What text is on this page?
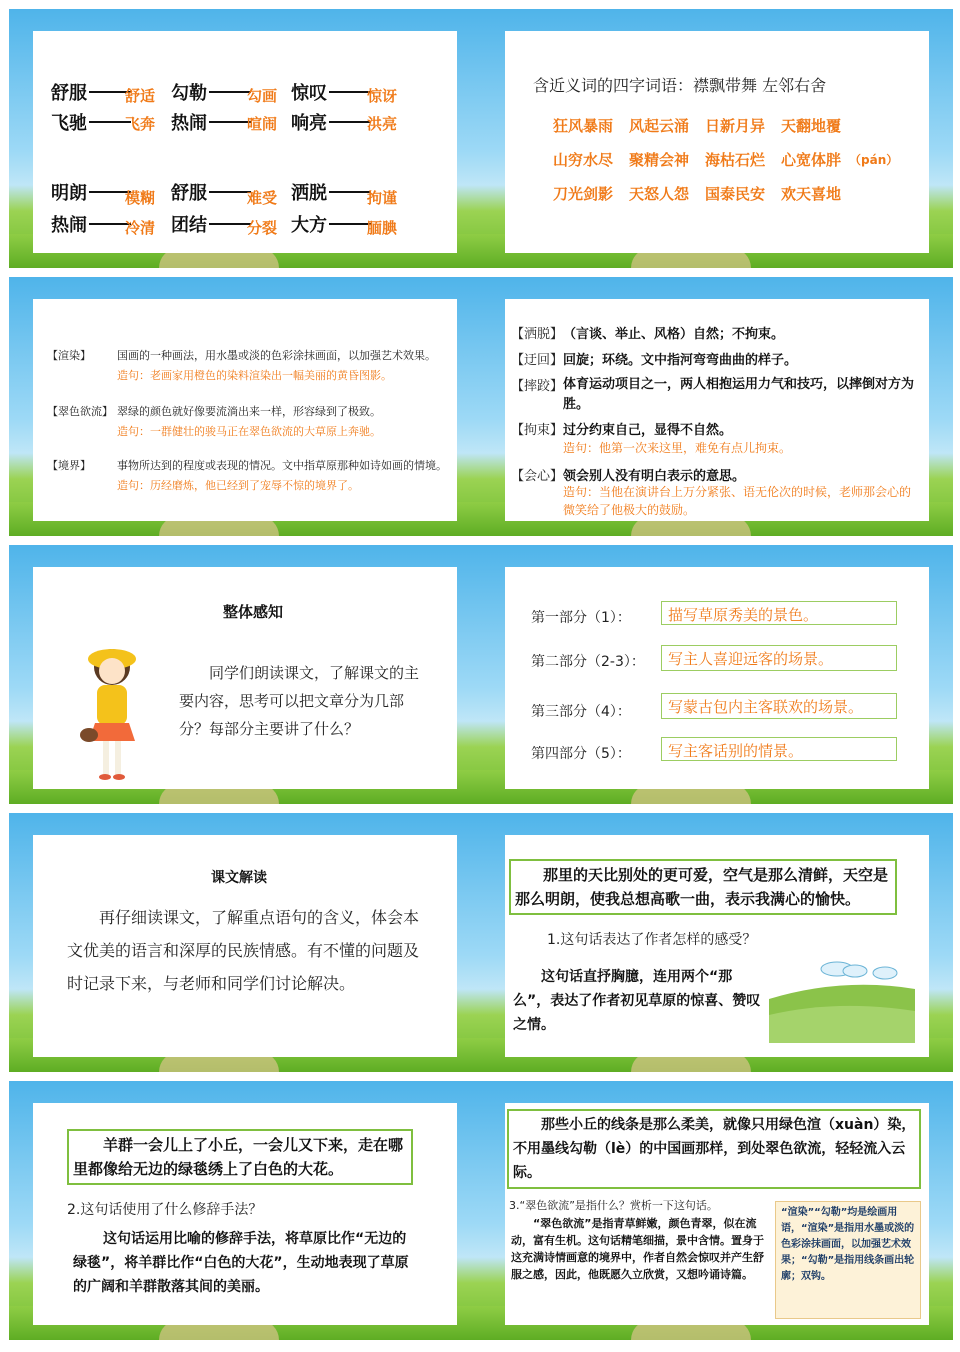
舒服	舒适 勾勒	勾画 惊叹	惊讶
飞驰	飞奔 热闹	喧闹 响亮	洪亮
明朗	模糊 舒服	难受 洒脱	拘谨
热闹	冷清 团结	分裂 大方	腼腆
含近义词的四字词语：襟飘带舞 左邻右舍
狂风暴雨 风起云涌 日新月异 天翻地覆
山穷水尽 聚精会神 海枯石烂 心宽体胖 （pán）
刀光剑影 天怒人怨 国泰民安 欢天喜地
【渲染】 国画的一种画法，用水墨或淡的色彩涂抹画面，以加强艺术效果。
造句：老画家用橙色的染料渲染出一幅美丽的黄昏图影。
【翠色欲流】 翠绿的颜色就好像要流淌出来一样，形容绿到了极致。
造句：一群健壮的骏马正在翠色欲流的大草原上奔驰。
【境界】 事物所达到的程度或表现的情况。文中指草原那种如诗如画的情境。
造句：历经磨炼，他已经到了宠辱不惊的境界了。
【洒脱】 （言谈、举止、风格）自然；不拘束。
【迂回】 回旋；环绕。文中指河弯弯曲曲的样子。
【摔跤】 体育运动项目之一，两人相抱运用力气和技巧，以摔倒对方为胜。
【拘束】 过分约束自己，显得不自然。
造句：他第一次来这里，难免有点儿拘束。
【会心】 领会别人没有明白表示的意思。
造句：当他在演讲台上万分紧张、语无伦次的时候，老师那会心的微笑给了他极大的鼓励。
整体感知
同学们朗读课文，了解课文的主要内容，思考可以把文章分为几部分？每部分主要讲了什么？
第一部分（1）：	描写草原秀美的景色。
第二部分（2-3）：	写主人喜迎远客的场景。
第三部分（4）：	写蒙古包内主客联欢的场景。
第四部分（5）：	写主客话别的情景。
课文解读
再仔细读课文，了解重点语句的含义，体会本文优美的语言和深厚的民族情感。有不懂的问题及时记录下来，与老师和同学们讨论解决。
那里的天比别处的更可爱，空气是那么清鲜，天空是那么明朗，使我总想高歌一曲，表示我满心的愉快。
1.这句话表达了作者怎样的感受？
这句话直抒胸臆，连用两个“那么”，表达了作者初见草原的惊喜、赞叹之情。
羊群一会儿上了小丘，一会儿又下来，走在哪里都像给无边的绿毯绣上了白色的大花。
2.这句话使用了什么修辞手法？
这句话运用比喻的修辞手法，将草原比作“无边的绿毯”，将羊群比作“白色的大花”，生动地表现了草原的广阔和羊群散落其间的美丽。
那些小丘的线条是那么柔美，就像只用绿色渲（xuàn）染，不用墨线勾勒（lè）的中国画那样，到处翠色欲流，轻轻流入云际。
3.“翠色欲流”是指什么？赏析一下这句话。
“翠色欲流”是指青草鲜嫩，颜色青翠，似在流动，富有生机。这句话精笔细描，景中含情。置身于这充满诗情画意的境界中，作者自然会惊叹并产生舒服之感，因此，他既愿久立欣赏，又想吟诵诗篇。
“渲染”“勾勒”均是绘画用语，“渲染”是指用水墨或淡的色彩涂抹画面，以加强艺术效果；“勾勒”是指用线条画出轮廓；双钩。
